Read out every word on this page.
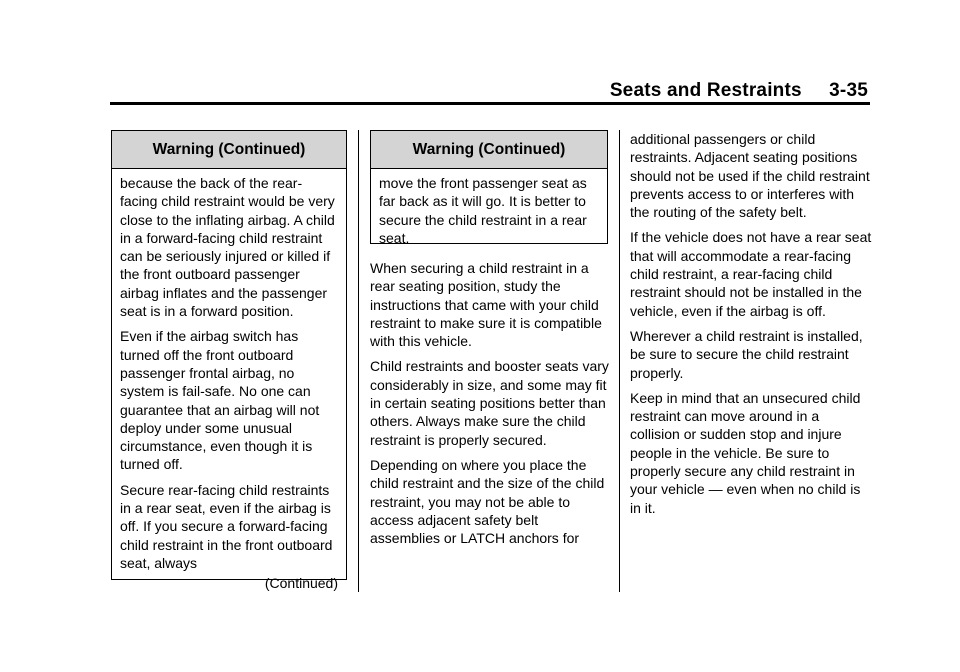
Seats and Restraints     3-35
Warning (Continued)

because the back of the rear-facing child restraint would be very close to the inflating airbag. A child in a forward-facing child restraint can be seriously injured or killed if the front outboard passenger airbag inflates and the passenger seat is in a forward position.

Even if the airbag switch has turned off the front outboard passenger frontal airbag, no system is fail-safe. No one can guarantee that an airbag will not deploy under some unusual circumstance, even though it is turned off.

Secure rear-facing child restraints in a rear seat, even if the airbag is off. If you secure a forward-facing child restraint in the front outboard seat, always

(Continued)
Warning (Continued)

move the front passenger seat as far back as it will go. It is better to secure the child restraint in a rear seat.

When securing a child restraint in a rear seating position, study the instructions that came with your child restraint to make sure it is compatible with this vehicle.

Child restraints and booster seats vary considerably in size, and some may fit in certain seating positions better than others. Always make sure the child restraint is properly secured.

Depending on where you place the child restraint and the size of the child restraint, you may not be able to access adjacent safety belt assemblies or LATCH anchors for

additional passengers or child restraints. Adjacent seating positions should not be used if the child restraint prevents access to or interferes with the routing of the safety belt.

If the vehicle does not have a rear seat that will accommodate a rear-facing child restraint, a rear-facing child restraint should not be installed in the vehicle, even if the airbag is off.

Wherever a child restraint is installed, be sure to secure the child restraint properly.

Keep in mind that an unsecured child restraint can move around in a collision or sudden stop and injure people in the vehicle. Be sure to properly secure any child restraint in your vehicle — even when no child is in it.
